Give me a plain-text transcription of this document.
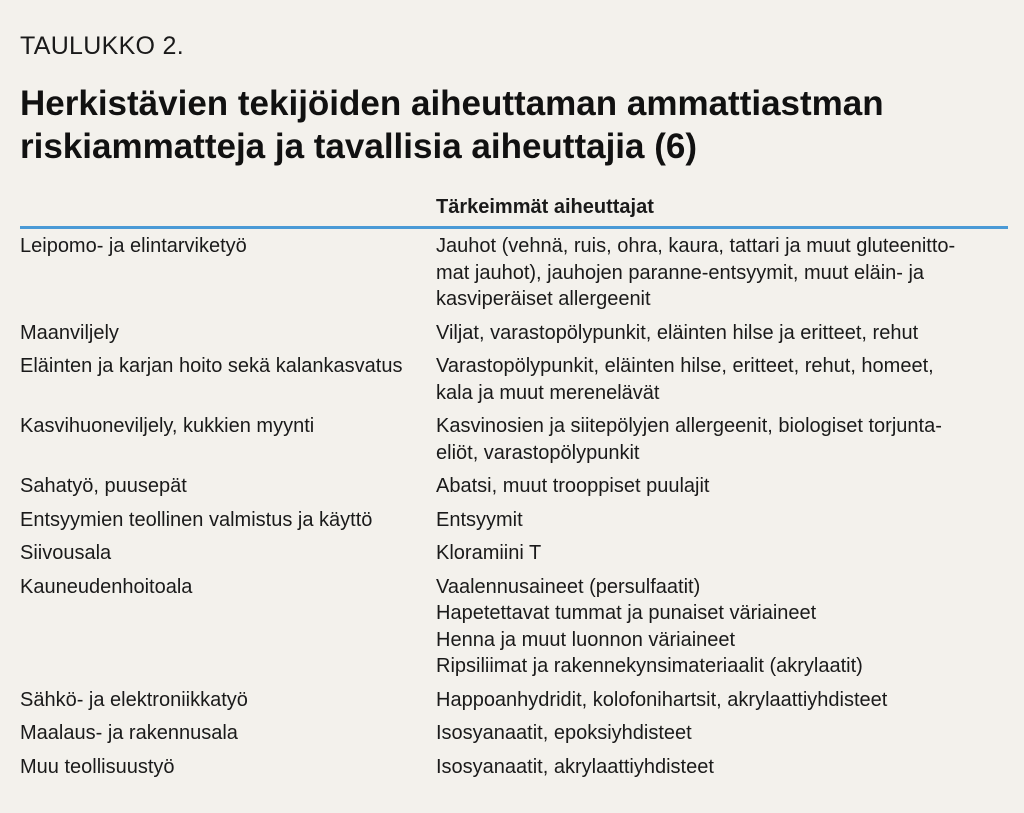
TAULUKKO 2.

Herkistävien tekijöiden aiheuttaman ammattiastman
riskiammatteja ja tavallisia aiheuttajia (6)
Tärkeimmät aiheuttajat
Leipomo- ja elintarviketyö	Jauhot (vehnä, ruis, ohra, kaura, tattari ja muut gluteenitto-
mat jauhot), jauhojen paranne-entsyymit, muut eläin- ja
kasviperäiset allergeenit
Maanviljely	Viljat, varastopölypunkit, eläinten hilse ja eritteet, rehut
Eläinten ja karjan hoito sekä kalankasvatus	Varastopölypunkit, eläinten hilse, eritteet, rehut, homeet,
kala ja muut merenelävät
Kasvihuoneviljely, kukkien myynti	Kasvinosien ja siitepölyjen allergeenit, biologiset torjunta-
eliöt, varastopölypunkit
Sahatyö, puusepät	Abatsi, muut trooppiset puulajit
Entsyymien teollinen valmistus ja käyttö	Entsyymit
Siivousala	Kloramiini T
Kauneudenhoitoala	Vaalennusaineet (persulfaatit)
Hapetettavat tummat ja punaiset väriaineet
Henna ja muut luonnon väriaineet
Ripsiliimat ja rakennekynsimateriaalit (akrylaatit)
Sähkö- ja elektroniikkatyö	Happoanhydridit, kolofonihartsit, akrylaattiyhdisteet
Maalaus- ja rakennusala	Isosyanaatit, epoksiyhdisteet
Muu teollisuustyö	Isosyanaatit, akrylaattiyhdisteet
